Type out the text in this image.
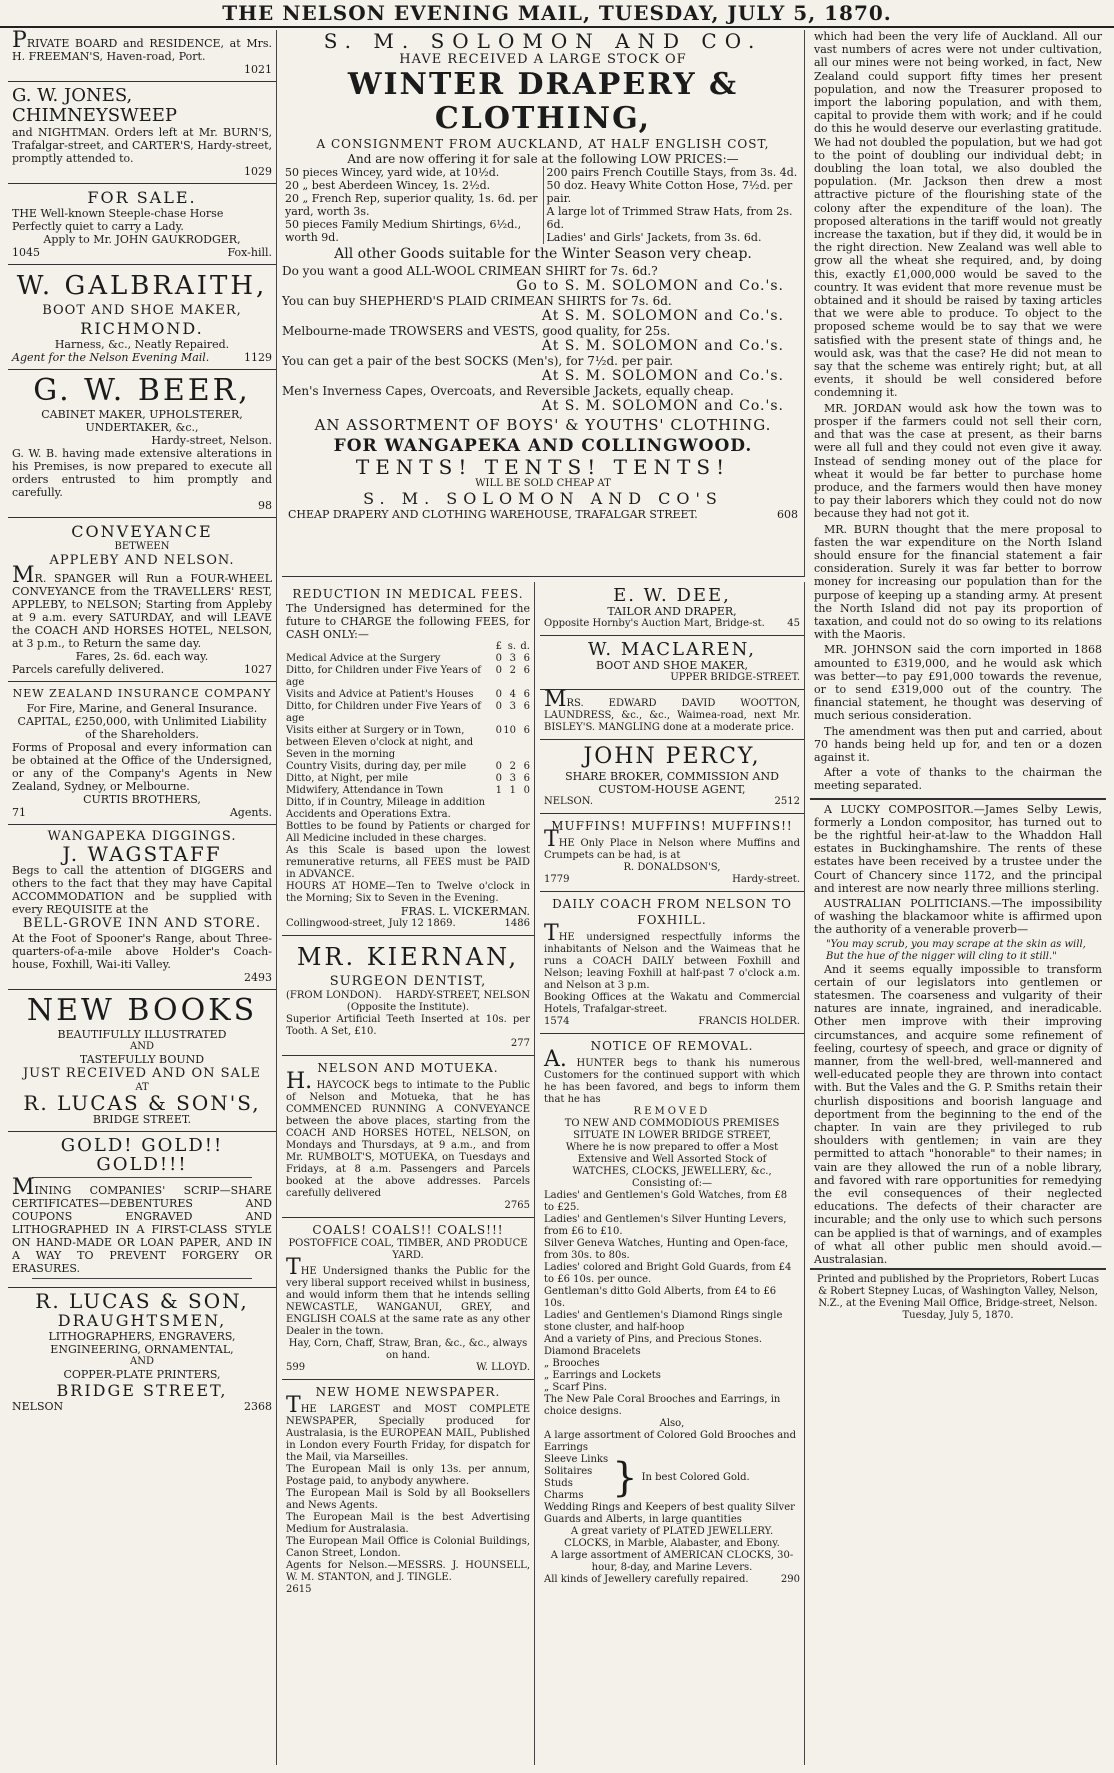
THE NELSON EVENING MAIL, TUESDAY, JULY 5, 1870.
PRIVATE BOARD and RESIDENCE, at Mrs. H. FREEMAN'S, Haven-road, Port.
1021
G. W. JONES, CHIMNEYSWEEP
and NIGHTMAN. Orders left at Mr. BURN'S, Trafalgar-street, and CARTER'S, Hardy-street, promptly attended to.
1029
FOR SALE.
THE Well-known Steeple-chase Horse
Perfectly quiet to carry a Lady.
Apply to Mr. JOHN GAUKRODGER,
1045	Fox-hill.
W. GALBRAITH,
BOOT AND SHOE MAKER,
RICHMOND.
Harness, &c., Neatly Repaired.
Agent for the Nelson Evening Mail.	1129
G. W. BEER,
CABINET MAKER, UPHOLSTERER, UNDERTAKER, &c.,
Hardy-street, Nelson.
G. W. B. having made extensive alterations in his Premises, is now prepared to execute all orders entrusted to him promptly and carefully.
98
CONVEYANCE
BETWEEN
APPLEBY AND NELSON.
MR. SPANGER will Run a FOUR-WHEEL CONVEYANCE from the TRAVELLERS' REST, APPLEBY, to NELSON; Starting from Appleby at 9 a.m. every SATURDAY, and will LEAVE the COACH AND HORSES HOTEL, NELSON, at 3 p.m., to Return the same day.
Fares, 2s. 6d. each way.
Parcels carefully delivered.	1027
NEW ZEALAND INSURANCE COMPANY
For Fire, Marine, and General Insurance.
CAPITAL, £250,000, with Unlimited Liability of the Shareholders.
Forms of Proposal and every information can be obtained at the Office of the Undersigned, or any of the Company's Agents in New Zealand, Sydney, or Melbourne.
CURTIS BROTHERS,
71	Agents.
WANGAPEKA DIGGINGS.
J. WAGSTAFF
Begs to call the attention of DIGGERS and others to the fact that they may have Capital ACCOMMODATION and be supplied with every REQUISITE at the
BELL-GROVE INN AND STORE.
At the Foot of Spooner's Range, about Three-quarters-of-a-mile above Holder's Coach-house, Foxhill, Wai-iti Valley.
2493
NEW BOOKS
BEAUTIFULLY ILLUSTRATED
AND
TASTEFULLY BOUND
JUST RECEIVED AND ON SALE
AT
R. LUCAS & SON'S,
BRIDGE STREET.
GOLD! GOLD!! GOLD!!!
MINING COMPANIES' SCRIP—SHARE CERTIFICATES—DEBENTURES AND COUPONS ENGRAVED AND LITHOGRAPHED IN A FIRST-CLASS STYLE ON HAND-MADE OR LOAN PAPER, AND IN A WAY TO PREVENT FORGERY OR ERASURES.
R. LUCAS & SON,
DRAUGHTSMEN,
LITHOGRAPHERS, ENGRAVERS,
ENGINEERING, ORNAMENTAL,
AND
COPPER-PLATE PRINTERS,
BRIDGE STREET,
NELSON	2368
S. M. SOLOMON AND CO.
HAVE RECEIVED A LARGE STOCK OF
WINTER DRAPERY & CLOTHING,
A CONSIGNMENT FROM AUCKLAND, AT HALF ENGLISH COST,
And are now offering it for sale at the following LOW PRICES:—
50 pieces Wincey, yard wide, at 10½d.
20 „ best Aberdeen Wincey, 1s. 2½d.
20 „ French Rep, superior quality, 1s. 6d. per yard, worth 3s.
50 pieces Family Medium Shirtings, 6½d., worth 9d.
200 pairs French Coutille Stays, from 3s. 4d.
50 doz. Heavy White Cotton Hose, 7½d. per pair.
A large lot of Trimmed Straw Hats, from 2s. 6d.
Ladies' and Girls' Jackets, from 3s. 6d.
All other Goods suitable for the Winter Season very cheap.
Do you want a good ALL-WOOL CRIMEAN SHIRT for 7s. 6d.?
Go to S. M. SOLOMON and Co.'s.
You can buy SHEPHERD'S PLAID CRIMEAN SHIRTS for 7s. 6d.
At S. M. SOLOMON and Co.'s.
Melbourne-made TROWSERS and VESTS, good quality, for 25s.
At S. M. SOLOMON and Co.'s.
You can get a pair of the best SOCKS (Men's), for 7½d. per pair.
At S. M. SOLOMON and Co.'s.
Men's Inverness Capes, Overcoats, and Reversible Jackets, equally cheap.
At S. M. SOLOMON and Co.'s.
AN ASSORTMENT OF BOYS' & YOUTHS' CLOTHING.
FOR WANGAPEKA AND COLLINGWOOD.
TENTS! TENTS! TENTS!
WILL BE SOLD CHEAP AT
S. M. SOLOMON AND CO'S
CHEAP DRAPERY AND CLOTHING WAREHOUSE, TRAFALGAR STREET.	608
REDUCTION IN MEDICAL FEES.
The Undersigned has determined for the future to CHARGE the following FEES, for CASH ONLY:—
	£	s.	d.
Medical Advice at the Surgery	0	3	6
Ditto, for Children under Five Years of age	0	2	6
Visits and Advice at Patient's Houses	0	4	6
Ditto, for Children under Five Years of age	0	3	6
Visits either at Surgery or in Town, between Eleven o'clock at night, and Seven in the morning	0	10	6
Country Visits, during day, per mile	0	2	6
Ditto, at Night, per mile	0	3	6
Midwifery, Attendance in Town	1	1	0
Ditto, if in Country, Mileage in addition			
Accidents and Operations Extra.			
Bottles to be found by Patients or charged for All Medicine included in these charges.
As this Scale is based upon the lowest remunerative returns, all FEES must be PAID in ADVANCE.
HOURS AT HOME—Ten to Twelve o'clock in the Morning; Six to Seven in the Evening.
FRAS. L. VICKERMAN.
Collingwood-street, July 12 1869.	1486
MR. KIERNAN,
SURGEON DENTIST,
(FROM LONDON). HARDY-STREET, NELSON
(Opposite the Institute).
Superior Artificial Teeth Inserted at 10s. per Tooth. A Set, £10.
277
NELSON AND MOTUEKA.
H. HAYCOCK begs to intimate to the Public of Nelson and Motueka, that he has COMMENCED RUNNING A CONVEYANCE between the above places, starting from the COACH AND HORSES HOTEL, NELSON, on Mondays and Thursdays, at 9 a.m., and from Mr. RUMBOLT'S, MOTUEKA, on Tuesdays and Fridays, at 8 a.m. Passengers and Parcels booked at the above addresses. Parcels carefully delivered
2765
COALS! COALS!! COALS!!!
POSTOFFICE COAL, TIMBER, AND PRODUCE YARD.
THE Undersigned thanks the Public for the very liberal support received whilst in business, and would inform them that he intends selling NEWCASTLE, WANGANUI, GREY, and ENGLISH COALS at the same rate as any other Dealer in the town.
Hay, Corn, Chaff, Straw, Bran, &c., &c., always on hand.
599	W. LLOYD.
NEW HOME NEWSPAPER.
THE LARGEST and MOST COMPLETE NEWSPAPER, Specially produced for Australasia, is the EUROPEAN MAIL, Published in London every Fourth Friday, for dispatch for the Mail, via Marseilles.
The European Mail is only 13s. per annum, Postage paid, to anybody anywhere.
The European Mail is Sold by all Booksellers and News Agents.
The European Mail is the best Advertising Medium for Australasia.
The European Mail Office is Colonial Buildings, Canon Street, London.
Agents for Nelson.—MESSRS. J. HOUNSELL, W. M. STANTON, and J. TINGLE.
2615
E. W. DEE,
TAILOR AND DRAPER,
Opposite Hornby's Auction Mart, Bridge-st. 45
W. MACLAREN,
BOOT AND SHOE MAKER,
UPPER BRIDGE-STREET.
MRS. EDWARD DAVID WOOTTON, LAUNDRESS, &c., &c., Waimea-road, next Mr. BISLEY'S. MANGLING done at a moderate price.
JOHN PERCY,
SHARE BROKER, COMMISSION AND CUSTOM-HOUSE AGENT,
NELSON.	2512
MUFFINS! MUFFINS! MUFFINS!!
THE Only Place in Nelson where Muffins and Crumpets can be had, is at
R. DONALDSON'S,
1779	Hardy-street.
DAILY COACH FROM NELSON TO FOXHILL.
THE undersigned respectfully informs the inhabitants of Nelson and the Waimeas that he runs a COACH DAILY between Foxhill and Nelson; leaving Foxhill at half-past 7 o'clock a.m. and Nelson at 3 p.m.
Booking Offices at the Wakatu and Commercial Hotels, Trafalgar-street.
1574	FRANCIS HOLDER.
NOTICE OF REMOVAL.
A. HUNTER begs to thank his numerous Customers for the continued support with which he has been favored, and begs to inform them that he has
REMOVED
TO NEW AND COMMODIOUS PREMISES
SITUATE IN LOWER BRIDGE STREET,
Where he is now prepared to offer a Most Extensive and Well Assorted Stock of
WATCHES, CLOCKS, JEWELLERY, &c.,
Consisting of:—
Ladies' and Gentlemen's Gold Watches, from £8 to £25.
Ladies' and Gentlemen's Silver Hunting Levers, from £6 to £10.
Silver Geneva Watches, Hunting and Open-face, from 30s. to 80s.
Ladies' colored and Bright Gold Guards, from £4 to £6 10s. per ounce.
Gentleman's ditto Gold Alberts, from £4 to £6 10s.
Ladies' and Gentlemen's Diamond Rings single stone cluster, and half-hoop
And a variety of Pins, and Precious Stones.
Diamond Bracelets
„ Brooches
„ Earrings and Lockets
„ Scarf Pins.
The New Pale Coral Brooches and Earrings, in choice designs.
Also,
A large assortment of Colored Gold Brooches and Earrings
Sleeve Links
Solitaires
Studs
Charms } In best Colored Gold.
Wedding Rings and Keepers of best quality Silver Guards and Alberts, in large quantities
A great variety of PLATED JEWELLERY.
CLOCKS, in Marble, Alabaster, and Ebony.
A large assortment of AMERICAN CLOCKS, 30-hour, 8-day, and Marine Levers.
All kinds of Jewellery carefully repaired.	290

which had been the very life of Auckland. All our vast numbers of acres were not under cultivation, all our mines were not being worked, in fact, New Zealand could support fifty times her present population, and now the Treasurer proposed to import the laboring population, and with them, capital to provide them with work; and if he could do this he would deserve our everlasting gratitude. We had not doubled the population, but we had got to the point of doubling our individual debt; in doubling the loan total, we also doubled the population. (Mr. Jackson then drew a most attractive picture of the flourishing state of the colony after the expenditure of the loan). The proposed alterations in the tariff would not greatly increase the taxation, but if they did, it would be in the right direction. New Zealand was well able to grow all the wheat she required, and, by doing this, exactly £1,000,000 would be saved to the country. It was evident that more revenue must be obtained and it should be raised by taxing articles that we were able to produce. To object to the proposed scheme would be to say that we were satisfied with the present state of things and, he would ask, was that the case? He did not mean to say that the scheme was entirely right; but, at all events, it should be well considered before condemning it.

MR. JORDAN would ask how the town was to prosper if the farmers could not sell their corn, and that was the case at present, as their barns were all full and they could not even give it away. Instead of sending money out of the place for wheat it would be far better to purchase home produce, and the farmers would then have money to pay their laborers which they could not do now because they had not got it.

MR. BURN thought that the mere proposal to fasten the war expenditure on the North Island should ensure for the financial statement a fair consideration. Surely it was far better to borrow money for increasing our population than for the purpose of keeping up a standing army. At present the North Island did not pay its proportion of taxation, and could not do so owing to its relations with the Maoris.

MR. JOHNSON said the corn imported in 1868 amounted to £319,000, and he would ask which was better—to pay £91,000 towards the revenue, or to send £319,000 out of the country. The financial statement, he thought was deserving of much serious consideration.

The amendment was then put and carried, about 70 hands being held up for, and ten or a dozen against it.

After a vote of thanks to the chairman the meeting separated.

A LUCKY COMPOSITOR.—James Selby Lewis, formerly a London compositor, has turned out to be the rightful heir-at-law to the Whaddon Hall estates in Buckinghamshire. The rents of these estates have been received by a trustee under the Court of Chancery since 1172, and the principal and interest are now nearly three millions sterling.

AUSTRALIAN POLITICIANS.—The impossibility of washing the blackamoor white is affirmed upon the authority of a venerable proverb—

"You may scrub, you may scrape at the skin as will,
But the hue of the nigger will cling to it still."

And it seems equally impossible to transform certain of our legislators into gentlemen or statesmen. The coarseness and vulgarity of their natures are innate, ingrained, and ineradicable. Other men improve with their improving circumstances, and acquire some refinement of feeling, courtesy of speech, and grace or dignity of manner, from the well-bred, well-mannered and well-educated people they are thrown into contact with. But the Vales and the G. P. Smiths retain their churlish dispositions and boorish language and deportment from the beginning to the end of the chapter. In vain are they privileged to rub shoulders with gentlemen; in vain are they permitted to attach "honorable" to their names; in vain are they allowed the run of a noble library, and favored with rare opportunities for remedying the evil consequences of their neglected educations. The defects of their character are incurable; and the only use to which such persons can be applied is that of warnings, and of examples of what all other public men should avoid.—Australasian.

Printed and published by the Proprietors, Robert Lucas & Robert Stepney Lucas, of Washington Valley, Nelson, N.Z., at the Evening Mail Office, Bridge-street, Nelson. Tuesday, July 5, 1870.
